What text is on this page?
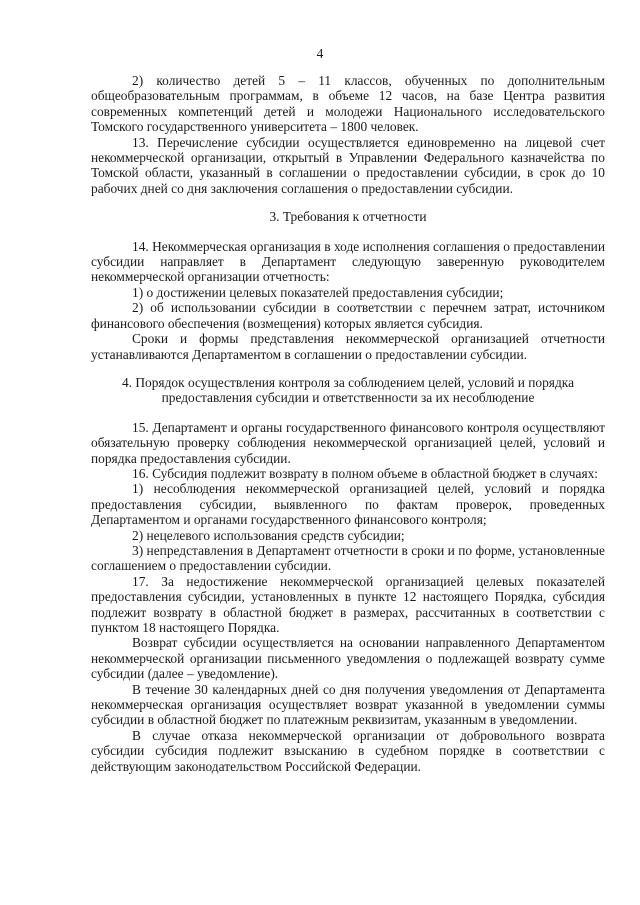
4

2) количество детей 5 – 11 классов, обученных по дополнительным общеобразовательным программам, в объеме 12 часов, на базе Центра развития современных компетенций детей и молодежи Национального исследовательского Томского государственного университета – 1800 человек.

13. Перечисление субсидии осуществляется единовременно на лицевой счет некоммерческой организации, открытый в Управлении Федерального казначейства по Томской области, указанный в соглашении о предоставлении субсидии, в срок до 10 рабочих дней со дня заключения соглашения о предоставлении субсидии.

3. Требования к отчетности

14. Некоммерческая организация в ходе исполнения соглашения о предоставлении субсидии направляет в Департамент следующую заверенную руководителем некоммерческой организации отчетность:

1) о достижении целевых показателей предоставления субсидии;

2) об использовании субсидии в соответствии с перечнем затрат, источником финансового обеспечения (возмещения) которых является субсидия.

Сроки и формы представления некоммерческой организацией отчетности устанавливаются Департаментом в соглашении о предоставлении субсидии.

4. Порядок осуществления контроля за соблюдением целей, условий и порядка предоставления субсидии и ответственности за их несоблюдение

15. Департамент и органы государственного финансового контроля осуществляют обязательную проверку соблюдения некоммерческой организацией целей, условий и порядка предоставления субсидии.

16. Субсидия подлежит возврату в полном объеме в областной бюджет в случаях:

1) несоблюдения некоммерческой организацией целей, условий и порядка предоставления субсидии, выявленного по фактам проверок, проведенных Департаментом и органами государственного финансового контроля;

2) нецелевого использования средств субсидии;

3) непредставления в Департамент отчетности в сроки и по форме, установленные соглашением о предоставлении субсидии.

17. За недостижение некоммерческой организацией целевых показателей предоставления субсидии, установленных в пункте 12 настоящего Порядка, субсидия подлежит возврату в областной бюджет в размерах, рассчитанных в соответствии с пунктом 18 настоящего Порядка.

Возврат субсидии осуществляется на основании направленного Департаментом некоммерческой организации письменного уведомления о подлежащей возврату сумме субсидии (далее – уведомление).

В течение 30 календарных дней со дня получения уведомления от Департамента некоммерческая организация осуществляет возврат указанной в уведомлении суммы субсидии в областной бюджет по платежным реквизитам, указанным в уведомлении.

В случае отказа некоммерческой организации от добровольного возврата субсидии субсидия подлежит взысканию в судебном порядке в соответствии с действующим законодательством Российской Федерации.
